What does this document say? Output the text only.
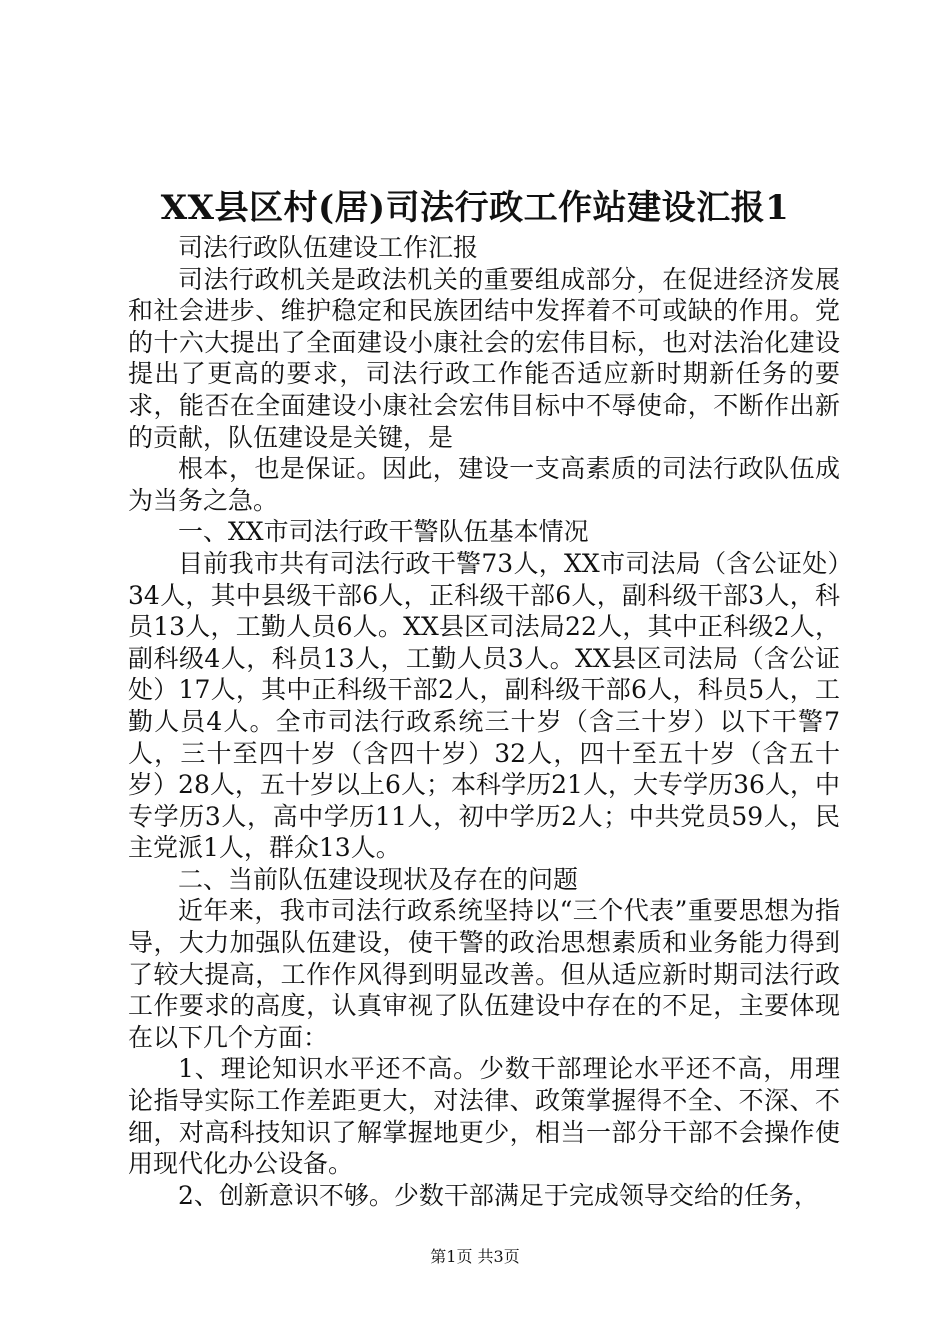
XX县区村(居)司法行政工作站建设汇报1

司法行政队伍建设工作汇报

司法行政机关是政法机关的重要组成部分，在促进经济发展和社会进步、维护稳定和民族团结中发挥着不可或缺的作用。党的十六大提出了全面建设小康社会的宏伟目标，也对法治化建设提出了更高的要求，司法行政工作能否适应新时期新任务的要求，能否在全面建设小康社会宏伟目标中不辱使命，不断作出新的贡献，队伍建设是关键，是

根本，也是保证。因此，建设一支高素质的司法行政队伍成为当务之急。

一、XX市司法行政干警队伍基本情况

目前我市共有司法行政干警73人，XX市司法局（含公证处）34人，其中县级干部6人，正科级干部6人，副科级干部3人，科员13人，工勤人员6人。XX县区司法局22人，其中正科级2人，副科级4人，科员13人，工勤人员3人。XX县区司法局（含公证处）17人，其中正科级干部2人，副科级干部6人，科员5人，工勤人员4人。全市司法行政系统三十岁（含三十岁）以下干警7人，三十至四十岁（含四十岁）32人，四十至五十岁（含五十岁）28人，五十岁以上6人；本科学历21人，大专学历36人，中专学历3人，高中学历11人，初中学历2人；中共党员59人，民主党派1人，群众13人。

二、当前队伍建设现状及存在的问题

近年来，我市司法行政系统坚持以“三个代表”重要思想为指导，大力加强队伍建设，使干警的政治思想素质和业务能力得到了较大提高，工作作风得到明显改善。但从适应新时期司法行政工作要求的高度，认真审视了队伍建设中存在的不足，主要体现在以下几个方面：

1、理论知识水平还不高。少数干部理论水平还不高，用理论指导实际工作差距更大，对法律、政策掌握得不全、不深、不细，对高科技知识了解掌握地更少，相当一部分干部不会操作使用现代化办公设备。

2、创新意识不够。少数干部满足于完成领导交给的任务，

第1页 共3页
